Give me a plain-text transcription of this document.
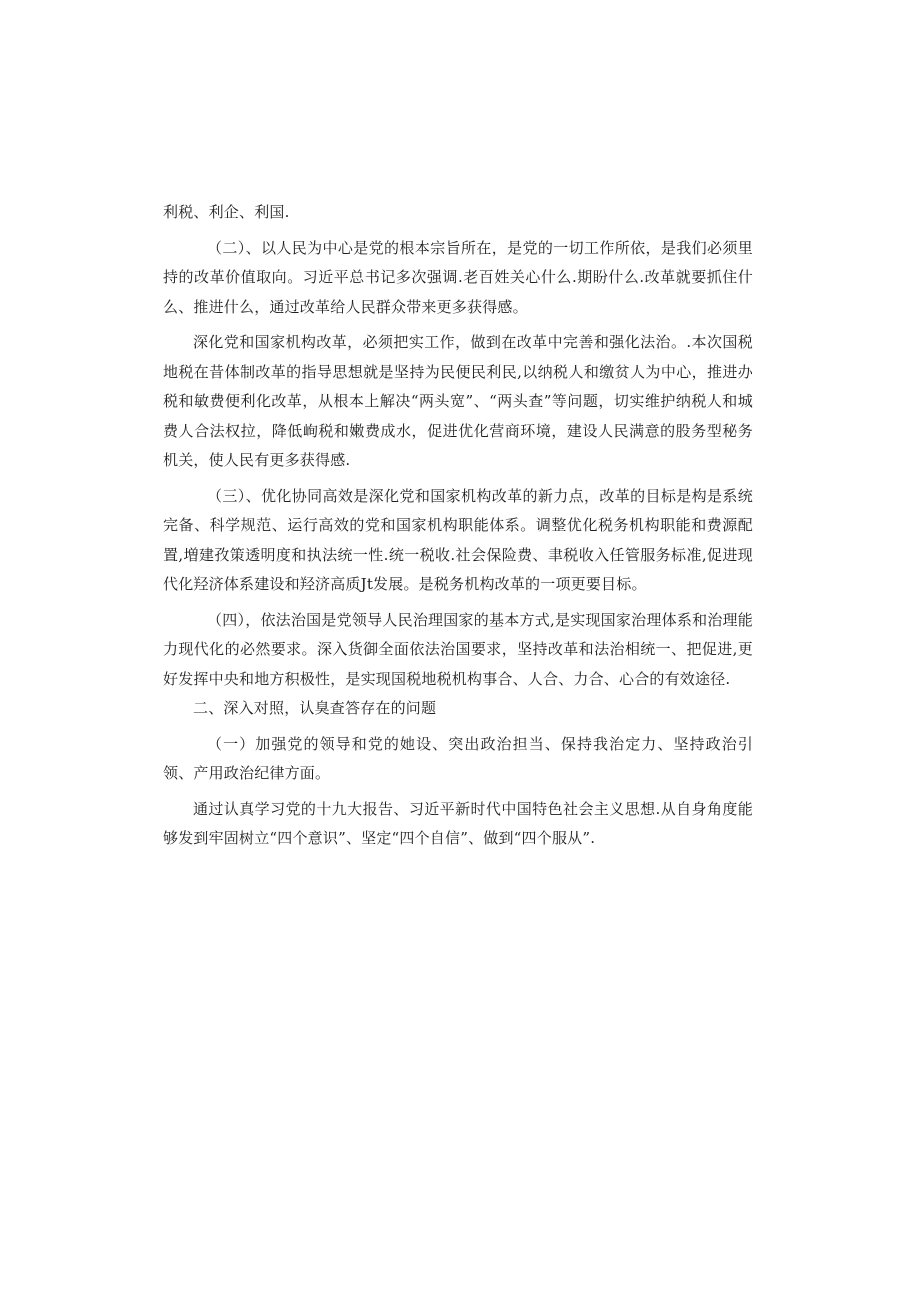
利税、利企、利国.

（二）、以人民为中心是党的根本宗旨所在，是党的一切工作所依，是我们必须里持的改革价值取向。习近平总书记多次强调.老百姓关心什么.期盼什么.改革就要抓住什么、推进什么，通过改革给人民群众带来更多获得感。

深化党和国家机构改革，必须把实工作，做到在改革中完善和强化法治。.本次国税地税在昔体制改革的指导思想就是坚持为民便民利民,以纳税人和缴贫人为中心，推进办税和敏费便利化改革，从根本上解决“两头宽”、“两头查”等问题，切实维护纳税人和城费人合法权拉，降低峋税和嫩费成水，促进优化营商环境，建设人民满意的股务型秘务机关，使人民有更多获得感.

（三）、优化协同高效是深化党和国家机构改革的新力点，改革的目标是构是系统完备、科学规范、运行高效的党和国家机构职能体系。调整优化税务机构职能和费源配置,増建孜策透明度和执法统一性.统一税收.社会保险费、聿税收入任管服务标准,促进现代化羟济体系建设和羟济高质Jt发展。是税务机构改革的一项更要目标。

（四），依法治国是党领导人民治理国家的基本方式,是实现国家治理体系和治理能力现代化的必然要求。深入货御全面依法治国要求，坚持改革和法治相统一、把促进,更好发挥中央和地方积极性，是实现国税地税机构事合、人合、力合、心合的有效途径.

二、深入对照，认臭查答存在的问题

（一）加强党的领导和党的她设、突出政治担当、保持我治定力、坚持政治引领、产用政治纪律方面。

通过认真学习党的十九大报告、习近平新时代中国特色社会主义思想.从自身角度能够发到牢固树立“四个意识”、坚定“四个自信”、做到“四个服从”.
